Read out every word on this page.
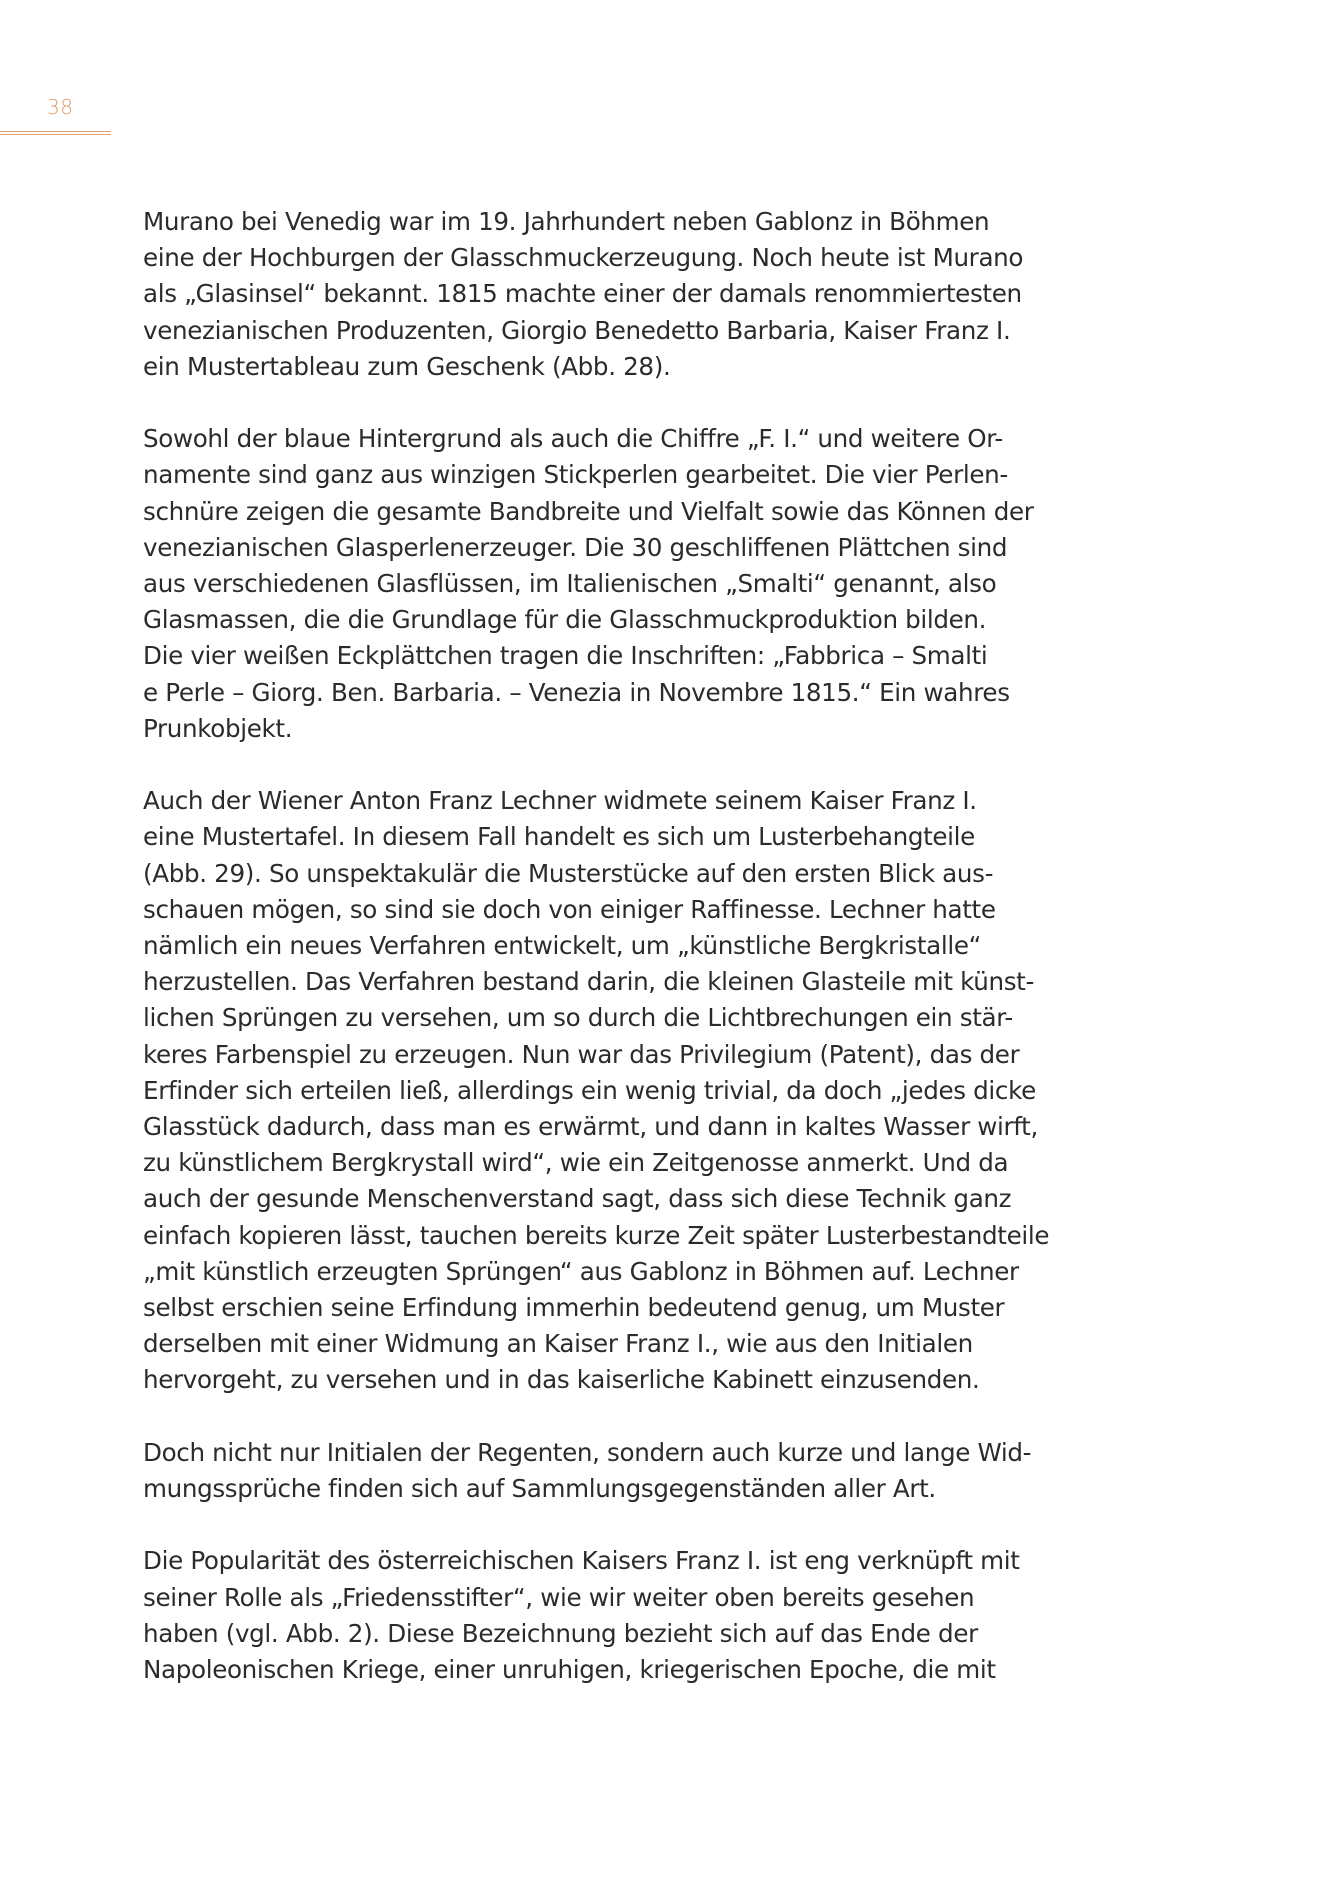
38

Murano bei Venedig war im 19. Jahrhundert neben Gablonz in Böhmen
eine der Hochburgen der Glasschmuckerzeugung. Noch heute ist Murano
als „Glasinsel“ bekannt. 1815 machte einer der damals renommiertesten
venezianischen Produzenten, Giorgio Benedetto Barbaria, Kaiser Franz I.
ein Mustertableau zum Geschenk (Abb. 28).

Sowohl der blaue Hintergrund als auch die Chiffre „F. I.“ und weitere Or-
namente sind ganz aus winzigen Stickperlen gearbeitet. Die vier Perlen-
schnüre zeigen die gesamte Bandbreite und Vielfalt sowie das Können der
venezianischen Glasperlenerzeuger. Die 30 geschliffenen Plättchen sind
aus verschiedenen Glasflüssen, im Italienischen „Smalti“ genannt, also
Glasmassen, die die Grundlage für die Glasschmuckproduktion bilden.
Die vier weißen Eckplättchen tragen die Inschriften: „Fabbrica – Smalti
e Perle – Giorg. Ben. Barbaria. – Venezia in Novembre 1815.“ Ein wahres
Prunkobjekt.

Auch der Wiener Anton Franz Lechner widmete seinem Kaiser Franz I.
eine Mustertafel. In diesem Fall handelt es sich um Lusterbehangteile
(Abb. 29). So unspektakulär die Musterstücke auf den ersten Blick aus-
schauen mögen, so sind sie doch von einiger Raffinesse. Lechner hatte
nämlich ein neues Verfahren entwickelt, um „künstliche Bergkristalle“
herzustellen. Das Verfahren bestand darin, die kleinen Glasteile mit künst-
lichen Sprüngen zu versehen, um so durch die Lichtbrechungen ein stär-
keres Farbenspiel zu erzeugen. Nun war das Privilegium (Patent), das der
Erfinder sich erteilen ließ, allerdings ein wenig trivial, da doch „jedes dicke
Glasstück dadurch, dass man es erwärmt, und dann in kaltes Wasser wirft,
zu künstlichem Bergkrystall wird“, wie ein Zeitgenosse anmerkt. Und da
auch der gesunde Menschenverstand sagt, dass sich diese Technik ganz
einfach kopieren lässt, tauchen bereits kurze Zeit später Lusterbestandteile
„mit künstlich erzeugten Sprüngen“ aus Gablonz in Böhmen auf. Lechner
selbst erschien seine Erfindung immerhin bedeutend genug, um Muster
derselben mit einer Widmung an Kaiser Franz I., wie aus den Initialen
hervorgeht, zu versehen und in das kaiserliche Kabinett einzusenden.

Doch nicht nur Initialen der Regenten, sondern auch kurze und lange Wid-
mungssprüche finden sich auf Sammlungsgegenständen aller Art.

Die Popularität des österreichischen Kaisers Franz I. ist eng verknüpft mit
seiner Rolle als „Friedensstifter“, wie wir weiter oben bereits gesehen
haben (vgl. Abb. 2). Diese Bezeichnung bezieht sich auf das Ende der
Napoleonischen Kriege, einer unruhigen, kriegerischen Epoche, die mit
